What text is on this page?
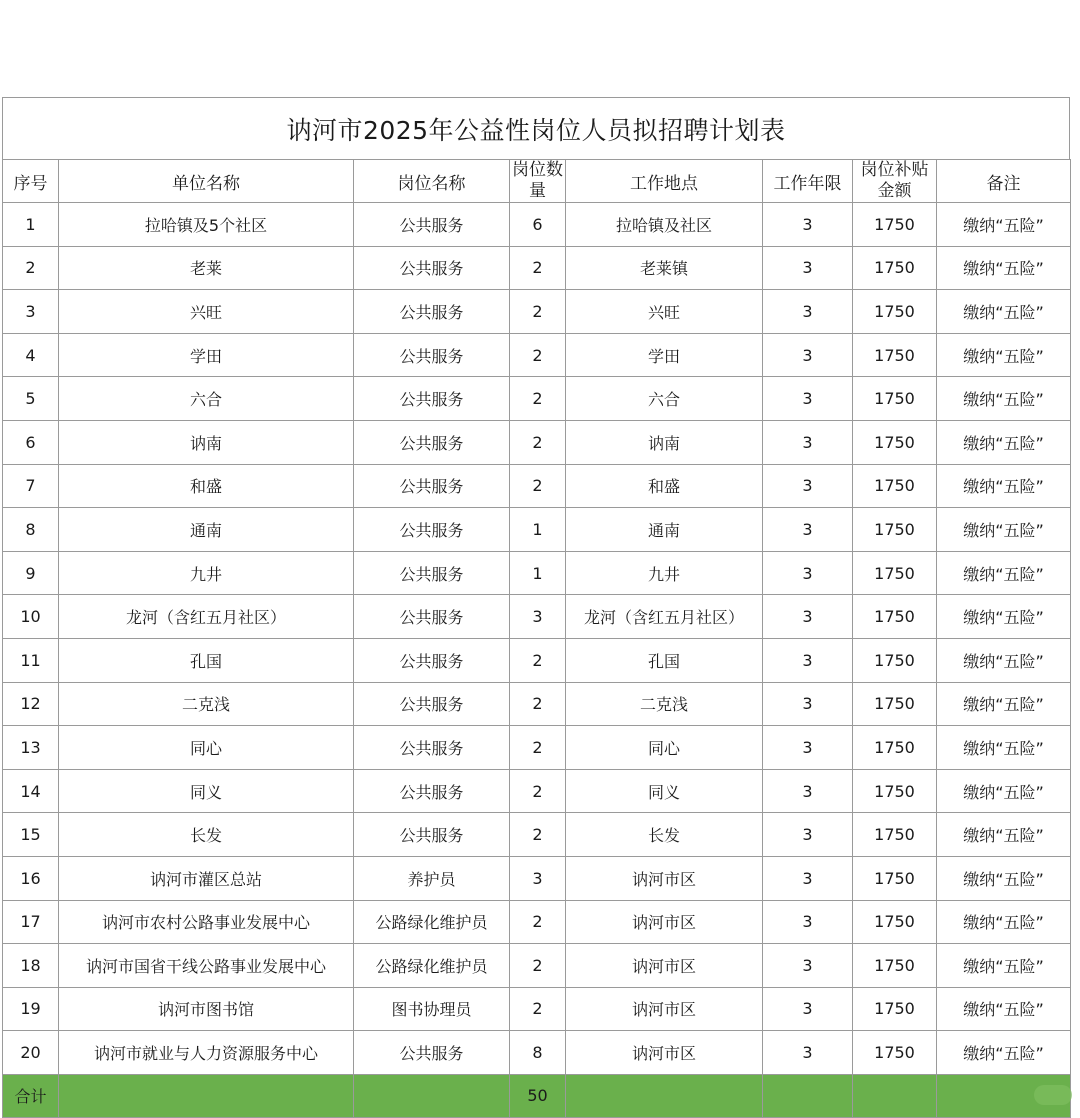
讷河市2025年公益性岗位人员拟招聘计划表
序号	单位名称	岗位名称	岗位数量	工作地点	工作年限	岗位补贴金额	备注
1	拉哈镇及5个社区	公共服务	6	拉哈镇及社区	3	1750	缴纳“五险”
2	老莱	公共服务	2	老莱镇	3	1750	缴纳“五险”
3	兴旺	公共服务	2	兴旺	3	1750	缴纳“五险”
4	学田	公共服务	2	学田	3	1750	缴纳“五险”
5	六合	公共服务	2	六合	3	1750	缴纳“五险”
6	讷南	公共服务	2	讷南	3	1750	缴纳“五险”
7	和盛	公共服务	2	和盛	3	1750	缴纳“五险”
8	通南	公共服务	1	通南	3	1750	缴纳“五险”
9	九井	公共服务	1	九井	3	1750	缴纳“五险”
10	龙河（含红五月社区）	公共服务	3	龙河（含红五月社区）	3	1750	缴纳“五险”
11	孔国	公共服务	2	孔国	3	1750	缴纳“五险”
12	二克浅	公共服务	2	二克浅	3	1750	缴纳“五险”
13	同心	公共服务	2	同心	3	1750	缴纳“五险”
14	同义	公共服务	2	同义	3	1750	缴纳“五险”
15	长发	公共服务	2	长发	3	1750	缴纳“五险”
16	讷河市灌区总站	养护员	3	讷河市区	3	1750	缴纳“五险”
17	讷河市农村公路事业发展中心	公路绿化维护员	2	讷河市区	3	1750	缴纳“五险”
18	讷河市国省干线公路事业发展中心	公路绿化维护员	2	讷河市区	3	1750	缴纳“五险”
19	讷河市图书馆	图书协理员	2	讷河市区	3	1750	缴纳“五险”
20	讷河市就业与人力资源服务中心	公共服务	8	讷河市区	3	1750	缴纳“五险”
合计			50				
